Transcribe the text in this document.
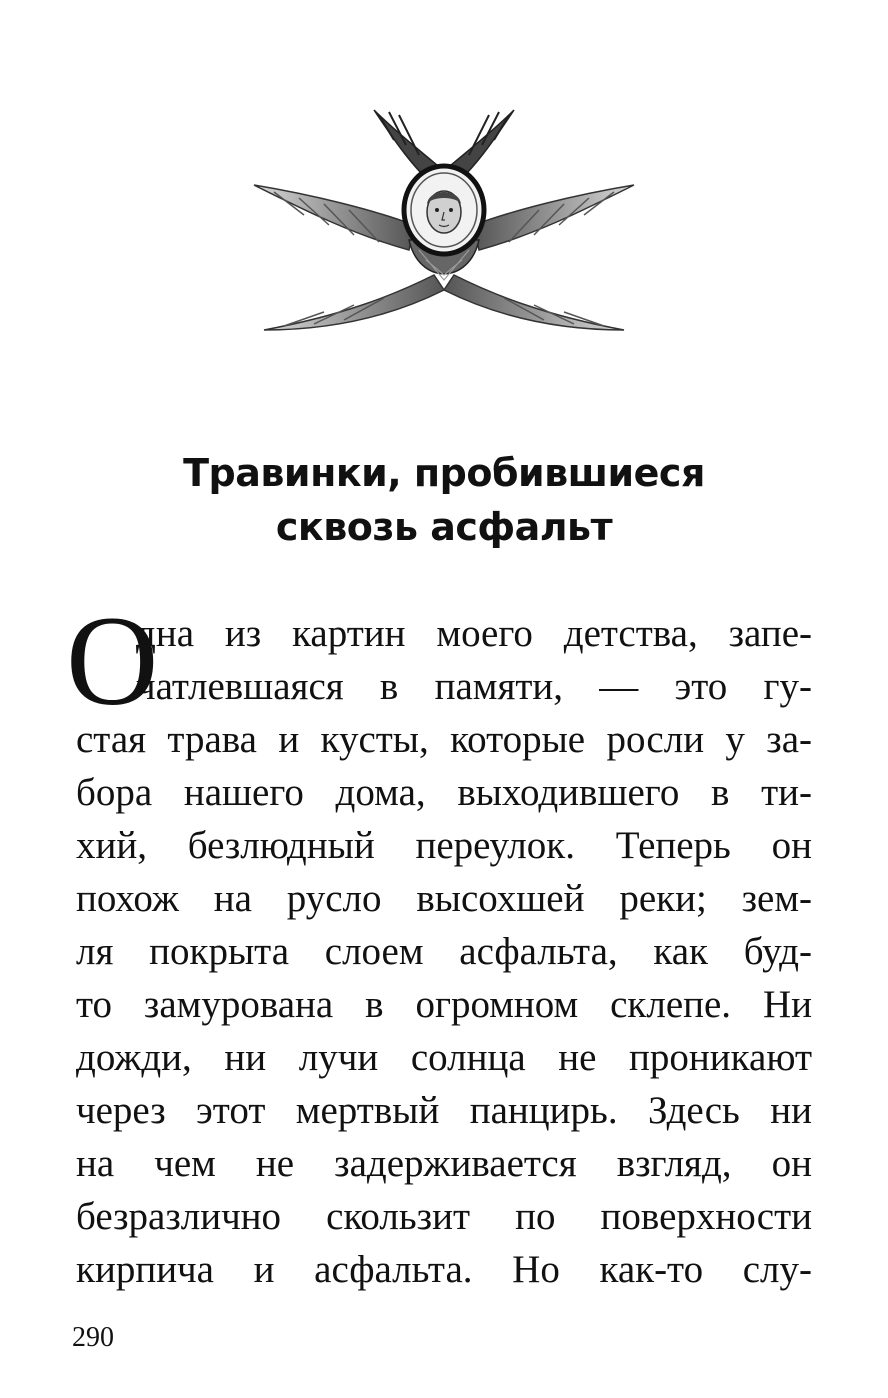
Травинки, пробившиеся
сквозь асфальт
О
дна из картин моего детства, запе-
чатлевшаяся в памяти, — это гу-
стая трава и кусты, которые росли у за-
бора нашего дома, выходившего в ти-
хий, безлюдный переулок. Теперь он
похож на русло высохшей реки; зем-
ля покрыта слоем асфальта, как буд-
то замурована в огромном склепе. Ни
дожди, ни лучи солнца не проникают
через этот мертвый панцирь. Здесь ни
на чем не задерживается взгляд, он
безразлично скользит по поверхности
кирпича и асфальта. Но как-то слу-
290
